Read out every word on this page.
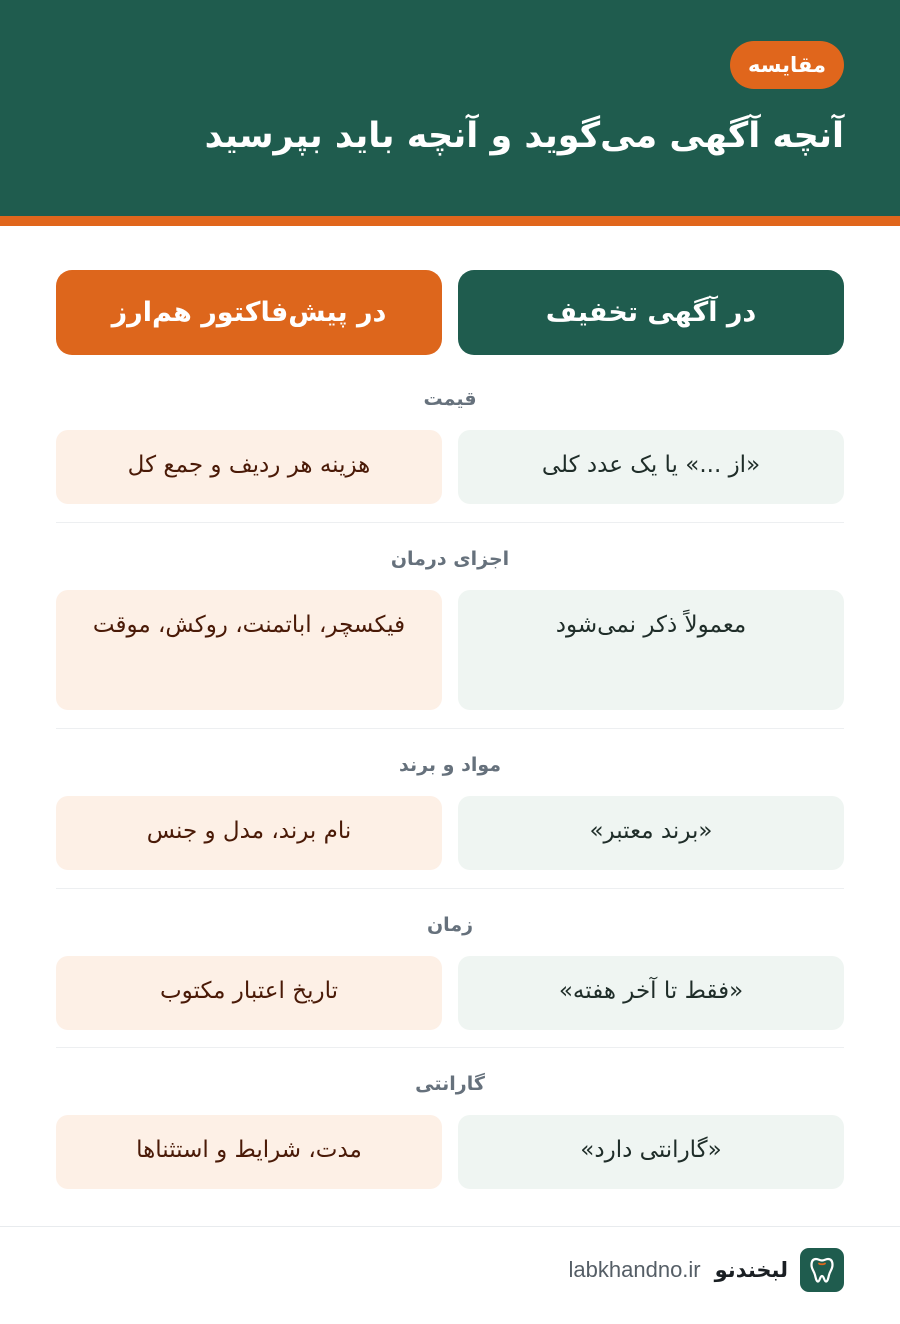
مقایسه
آنچه آگهی می‌گوید و آنچه باید بپرسید
در آگهی تخفیف
در پیش‌فاکتور هم‌ارز
قیمت
«از ...» یا یک عدد کلی
هزینه هر ردیف و جمع کل
اجزای درمان
معمولاً ذکر نمی‌شود
فیکسچر، اباتمنت، روکش، موقت
مواد و برند
«برند معتبر»
نام برند، مدل و جنس
زمان
«فقط تا آخر هفته»
تاریخ اعتبار مکتوب
گارانتی
«گارانتی دارد»
مدت، شرایط و استثناها
لبخندنو
labkhandno.ir
